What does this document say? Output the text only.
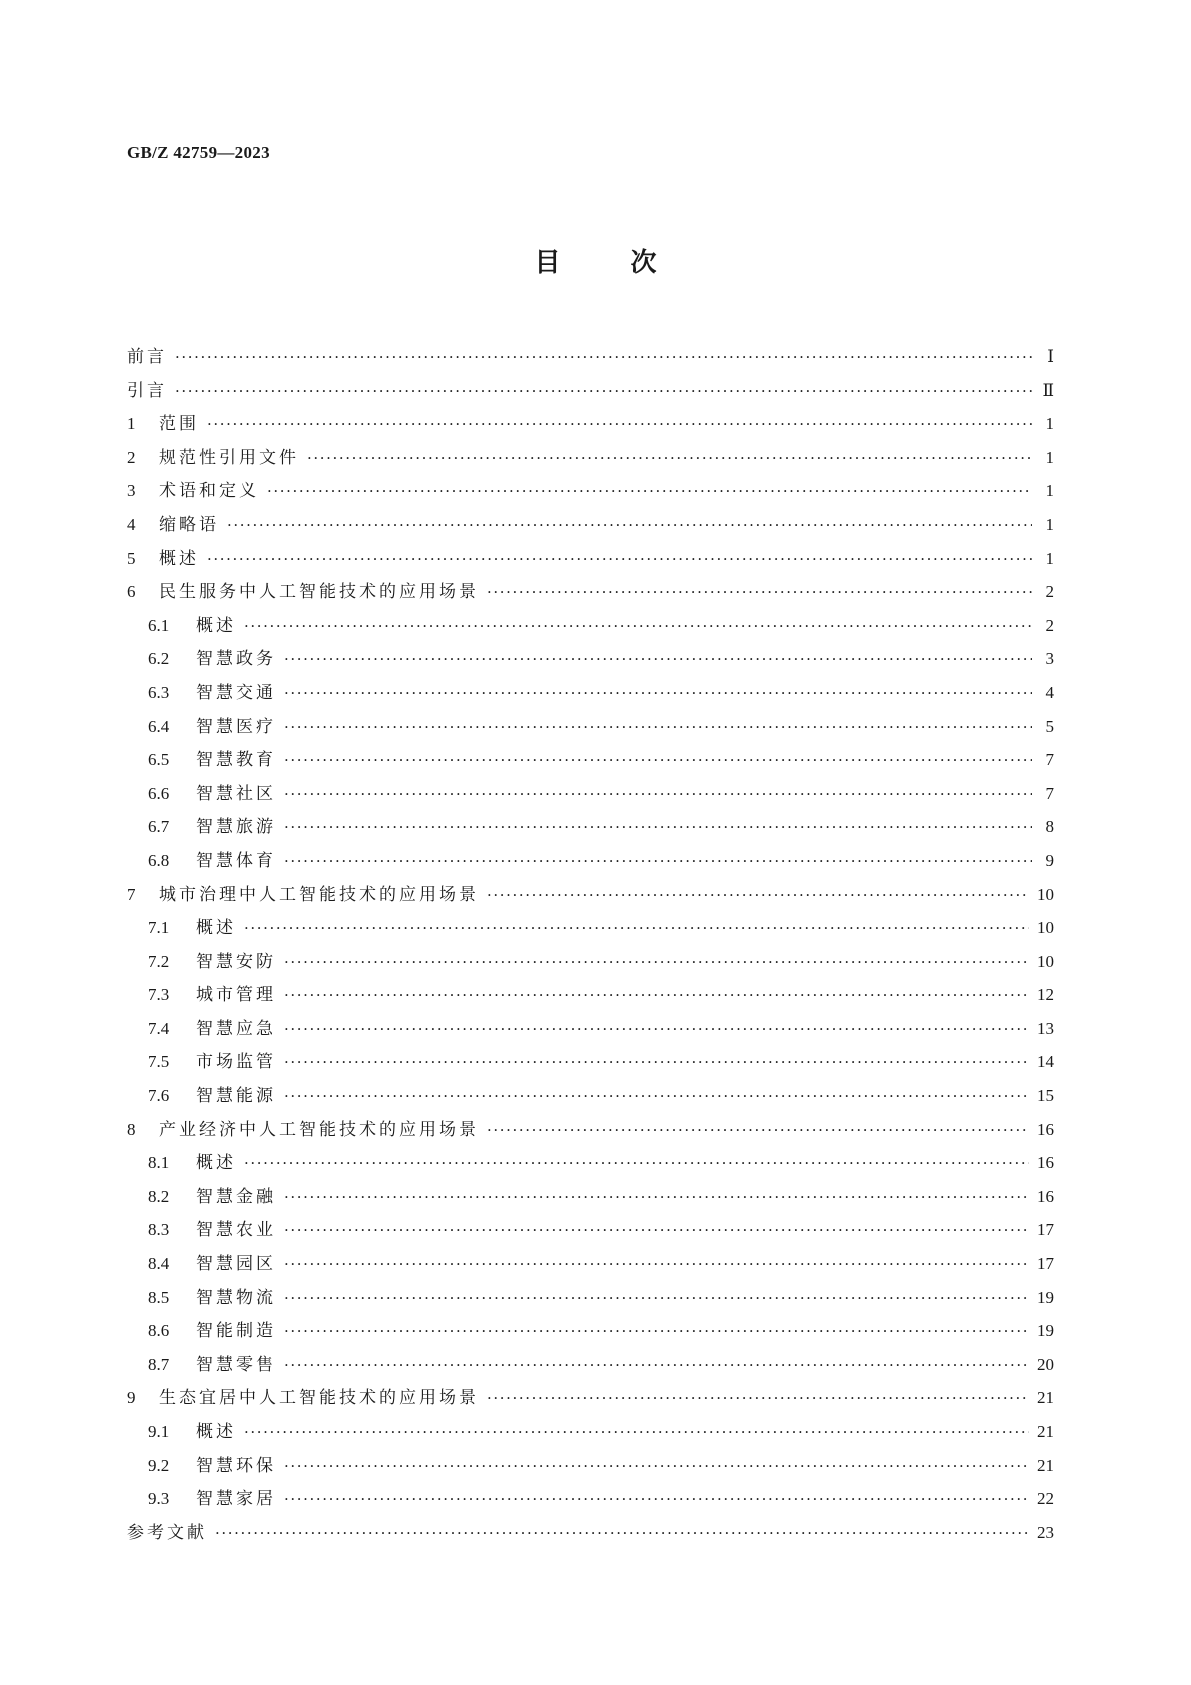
GB/Z 42759—2023
目次
前言 ·····	Ⅰ
引言 ·····	Ⅱ
1	范围 ·····	1
2	规范性引用文件 ·····	1
3	术语和定义 ·····	1
4	缩略语 ·····	1
5	概述 ·····	1
6	民生服务中人工智能技术的应用场景 ·····	2
6.1	概述 ·····	2
6.2	智慧政务 ·····	3
6.3	智慧交通 ·····	4
6.4	智慧医疗 ·····	5
6.5	智慧教育 ·····	7
6.6	智慧社区 ·····	7
6.7	智慧旅游 ·····	8
6.8	智慧体育 ·····	9
7	城市治理中人工智能技术的应用场景 ·····	10
7.1	概述 ·····	10
7.2	智慧安防 ·····	10
7.3	城市管理 ·····	12
7.4	智慧应急 ·····	13
7.5	市场监管 ·····	14
7.6	智慧能源 ·····	15
8	产业经济中人工智能技术的应用场景 ·····	16
8.1	概述 ·····	16
8.2	智慧金融 ·····	16
8.3	智慧农业 ·····	17
8.4	智慧园区 ·····	17
8.5	智慧物流 ·····	19
8.6	智能制造 ·····	19
8.7	智慧零售 ·····	20
9	生态宜居中人工智能技术的应用场景 ·····	21
9.1	概述 ·····	21
9.2	智慧环保 ·····	21
9.3	智慧家居 ·····	22
参考文献 ·····	23
